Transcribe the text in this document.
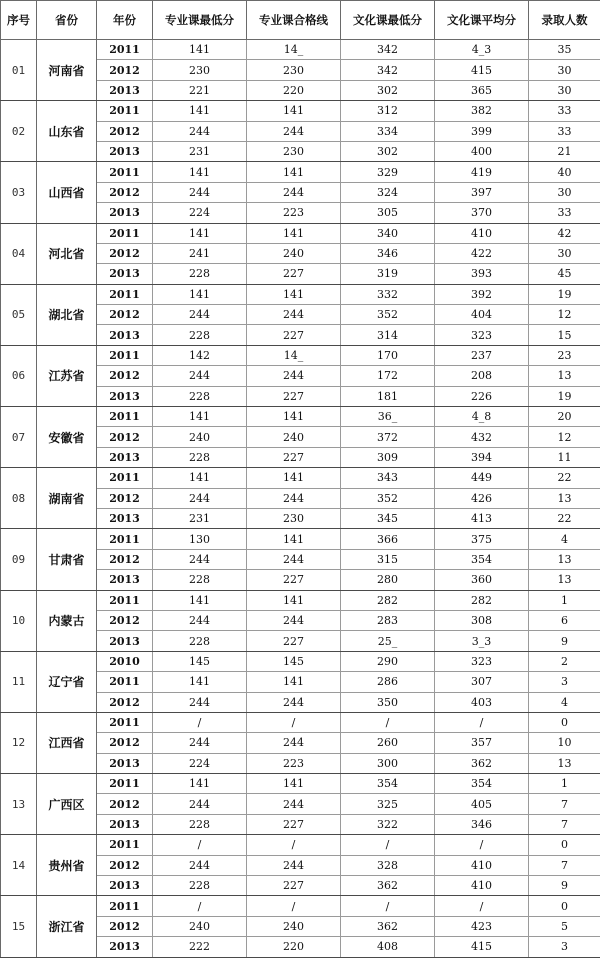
序号	省份	年份	专业课最低分	专业课合格线	文化课最低分	文化课平均分	录取人数
01	河南省	2011	141	14_	342	4_3	35
		2012	230	230	342	415	30
		2013	221	220	302	365	30
02	山东省	2011	141	141	312	382	33
		2012	244	244	334	399	33
		2013	231	230	302	400	21
03	山西省	2011	141	141	329	419	40
		2012	244	244	324	397	30
		2013	224	223	305	370	33
04	河北省	2011	141	141	340	410	42
		2012	241	240	346	422	30
		2013	228	227	319	393	45
05	湖北省	2011	141	141	332	392	19
		2012	244	244	352	404	12
		2013	228	227	314	323	15
06	江苏省	2011	142	14_	170	237	23
		2012	244	244	172	208	13
		2013	228	227	181	226	19
07	安徽省	2011	141	141	36_	4_8	20
		2012	240	240	372	432	12
		2013	228	227	309	394	11
08	湖南省	2011	141	141	343	449	22
		2012	244	244	352	426	13
		2013	231	230	345	413	22
09	甘肃省	2011	130	141	366	375	4
		2012	244	244	315	354	13
		2013	228	227	280	360	13
10	内蒙古	2011	141	141	282	282	1
		2012	244	244	283	308	6
		2013	228	227	25_	3_3	9
11	辽宁省	2010	145	145	290	323	2
		2011	141	141	286	307	3
		2012	244	244	350	403	4
12	江西省	2011	/	/	/	/	0
		2012	244	244	260	357	10
		2013	224	223	300	362	13
13	广西区	2011	141	141	354	354	1
		2012	244	244	325	405	7
		2013	228	227	322	346	7
14	贵州省	2011	/	/	/	/	0
		2012	244	244	328	410	7
		2013	228	227	362	410	9
15	浙江省	2011	/	/	/	/	0
		2012	240	240	362	423	5
		2013	222	220	408	415	3
